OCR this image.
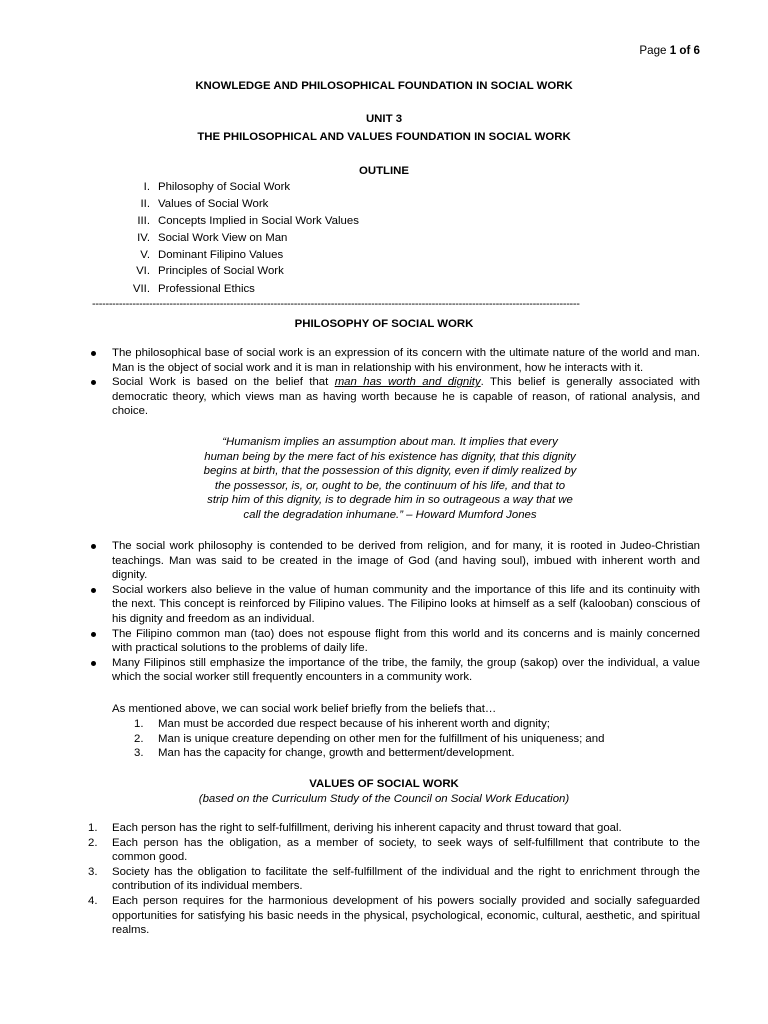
Page 1 of 6
KNOWLEDGE AND PHILOSOPHICAL FOUNDATION IN SOCIAL WORK
UNIT 3
THE PHILOSOPHICAL AND VALUES FOUNDATION IN SOCIAL WORK
OUTLINE
I. Philosophy of Social Work
II. Values of Social Work
III. Concepts Implied in Social Work Values
IV. Social Work View on Man
V. Dominant Filipino Values
VI. Principles of Social Work
VII. Professional Ethics
-------------------------------------------------------------------------------------------------------------------------------------------------
PHILOSOPHY OF SOCIAL WORK
The philosophical base of social work is an expression of its concern with the ultimate nature of the world and man. Man is the object of social work and it is man in relationship with his environment, how he interacts with it.
Social Work is based on the belief that man has worth and dignity. This belief is generally associated with democratic theory, which views man as having worth because he is capable of reason, of rational analysis, and choice.
“Humanism implies an assumption about man. It implies that every
human being by the mere fact of his existence has dignity, that this dignity
begins at birth, that the possession of this dignity, even if dimly realized by
the possessor, is, or, ought to be, the continuum of his life, and that to
strip him of this dignity, is to degrade him in so outrageous a way that we
call the degradation inhumane.” – Howard Mumford Jones
The social work philosophy is contended to be derived from religion, and for many, it is rooted in Judeo-Christian teachings. Man was said to be created in the image of God (and having soul), imbued with inherent worth and dignity.
Social workers also believe in the value of human community and the importance of this life and its continuity with the next. This concept is reinforced by Filipino values. The Filipino looks at himself as a self (kalooban) conscious of his dignity and freedom as an individual.
The Filipino common man (tao) does not espouse flight from this world and its concerns and is mainly concerned with practical solutions to the problems of daily life.
Many Filipinos still emphasize the importance of the tribe, the family, the group (sakop) over the individual, a value which the social worker still frequently encounters in a community work.
As mentioned above, we can social work belief briefly from the beliefs that…
1. Man must be accorded due respect because of his inherent worth and dignity;
2. Man is unique creature depending on other men for the fulfillment of his uniqueness; and
3. Man has the capacity for change, growth and betterment/development.
VALUES OF SOCIAL WORK
(based on the Curriculum Study of the Council on Social Work Education)
1. Each person has the right to self-fulfillment, deriving his inherent capacity and thrust toward that goal.
2. Each person has the obligation, as a member of society, to seek ways of self-fulfillment that contribute to the common good.
3. Society has the obligation to facilitate the self-fulfillment of the individual and the right to enrichment through the contribution of its individual members.
4. Each person requires for the harmonious development of his powers socially provided and socially safeguarded opportunities for satisfying his basic needs in the physical, psychological, economic, cultural, aesthetic, and spiritual realms.
